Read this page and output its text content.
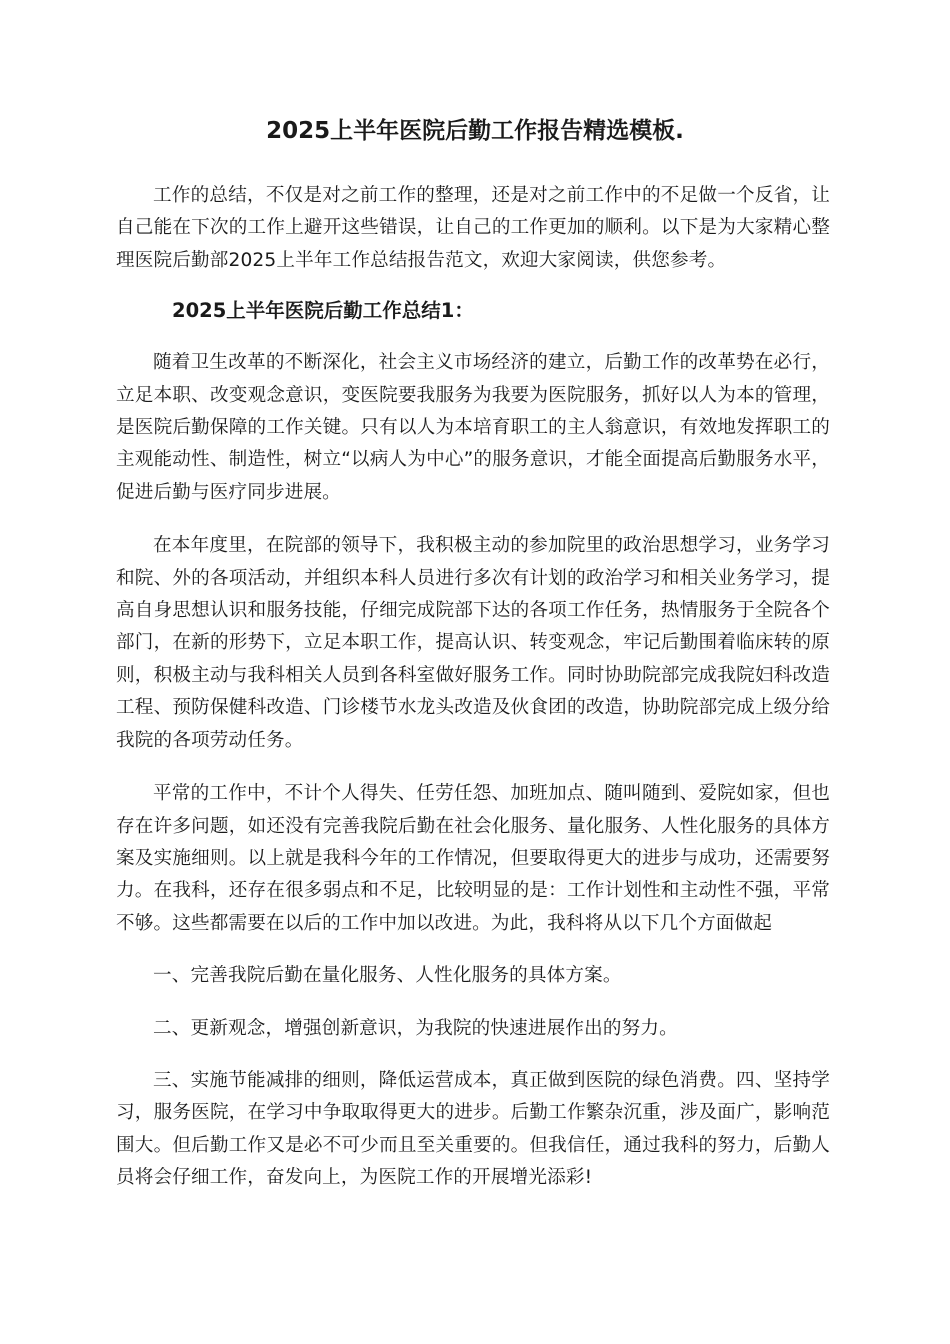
2025上半年医院后勤工作报告精选模板.

工作的总结，不仅是对之前工作的整理，还是对之前工作中的不足做一个反省，让自己能在下次的工作上避开这些错误，让自己的工作更加的顺利。以下是为大家精心整理医院后勤部2025上半年工作总结报告范文，欢迎大家阅读，供您参考。

2025上半年医院后勤工作总结1：

随着卫生改革的不断深化，社会主义市场经济的建立，后勤工作的改革势在必行，立足本职、改变观念意识，变医院要我服务为我要为医院服务，抓好以人为本的管理，是医院后勤保障的工作关键。只有以人为本培育职工的主人翁意识，有效地发挥职工的主观能动性、制造性，树立“以病人为中心”的服务意识，才能全面提高后勤服务水平，促进后勤与医疗同步进展。

在本年度里，在院部的领导下，我积极主动的参加院里的政治思想学习，业务学习和院、外的各项活动，并组织本科人员进行多次有计划的政治学习和相关业务学习，提高自身思想认识和服务技能，仔细完成院部下达的各项工作任务，热情服务于全院各个部门，在新的形势下，立足本职工作，提高认识、转变观念，牢记后勤围着临床转的原则，积极主动与我科相关人员到各科室做好服务工作。同时协助院部完成我院妇科改造工程、预防保健科改造、门诊楼节水龙头改造及伙食团的改造，协助院部完成上级分给我院的各项劳动任务。

平常的工作中，不计个人得失、任劳任怨、加班加点、随叫随到、爱院如家，但也存在许多问题，如还没有完善我院后勤在社会化服务、量化服务、人性化服务的具体方案及实施细则。以上就是我科今年的工作情况，但要取得更大的进步与成功，还需要努力。在我科，还存在很多弱点和不足，比较明显的是：工作计划性和主动性不强，平常不够。这些都需要在以后的工作中加以改进。为此，我科将从以下几个方面做起

一、完善我院后勤在量化服务、人性化服务的具体方案。

二、更新观念，增强创新意识，为我院的快速进展作出的努力。

三、实施节能减排的细则，降低运营成本，真正做到医院的绿色消费。四、坚持学习，服务医院，在学习中争取取得更大的进步。后勤工作繁杂沉重，涉及面广，影响范围大。但后勤工作又是必不可少而且至关重要的。但我信任，通过我科的努力，后勤人员将会仔细工作，奋发向上，为医院工作的开展增光添彩!
